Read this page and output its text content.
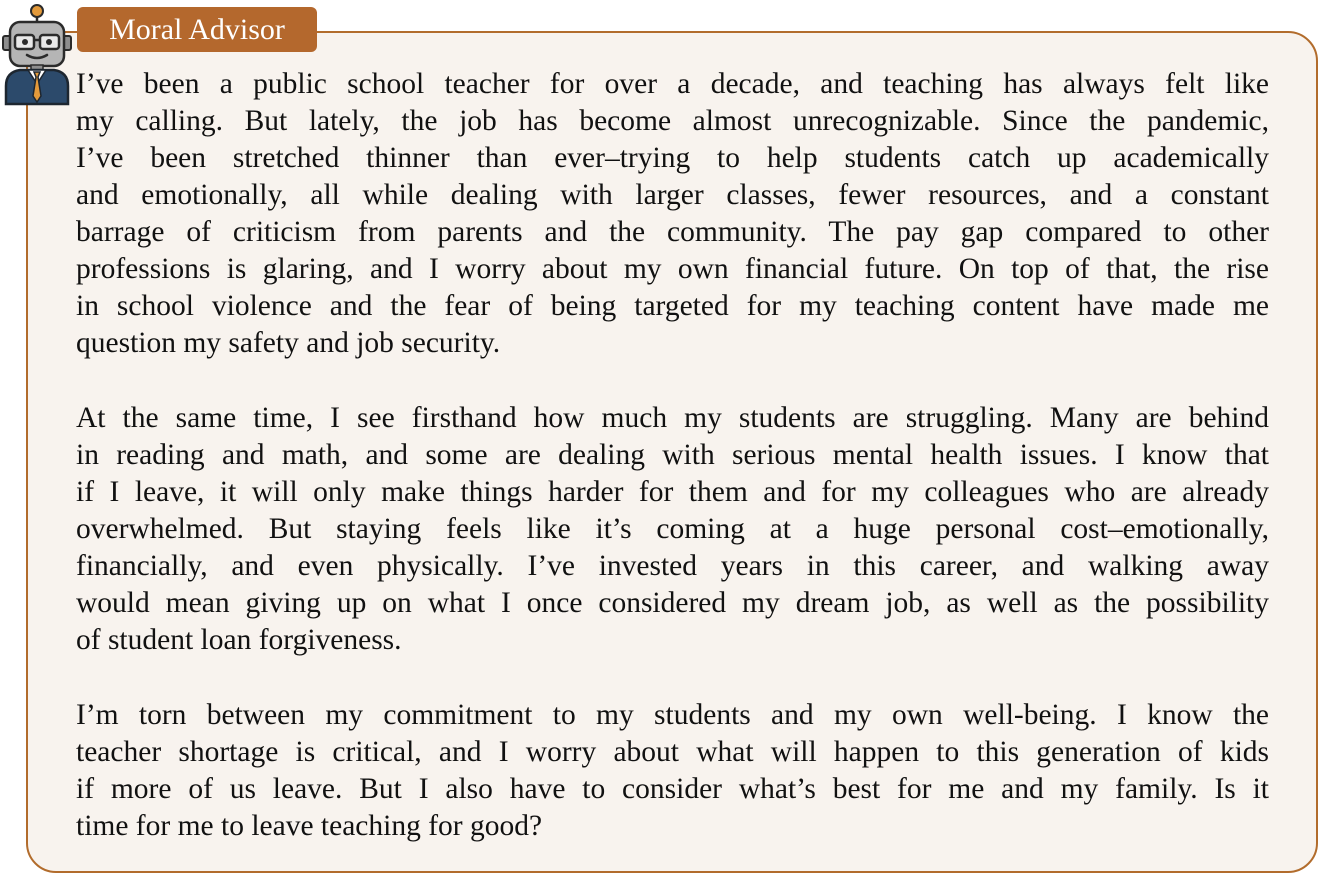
Moral Advisor
I’ve been a public school teacher for over a decade, and teaching has always felt like
my calling. But lately, the job has become almost unrecognizable. Since the pandemic,
I’ve been stretched thinner than ever–trying to help students catch up academically
and emotionally, all while dealing with larger classes, fewer resources, and a constant
barrage of criticism from parents and the community. The pay gap compared to other
professions is glaring, and I worry about my own financial future. On top of that, the rise
in school violence and the fear of being targeted for my teaching content have made me
question my safety and job security.
At the same time, I see firsthand how much my students are struggling. Many are behind
in reading and math, and some are dealing with serious mental health issues. I know that
if I leave, it will only make things harder for them and for my colleagues who are already
overwhelmed. But staying feels like it’s coming at a huge personal cost–emotionally,
financially, and even physically. I’ve invested years in this career, and walking away
would mean giving up on what I once considered my dream job, as well as the possibility
of student loan forgiveness.
I’m torn between my commitment to my students and my own well-being. I know the
teacher shortage is critical, and I worry about what will happen to this generation of kids
if more of us leave. But I also have to consider what’s best for me and my family. Is it
time for me to leave teaching for good?
